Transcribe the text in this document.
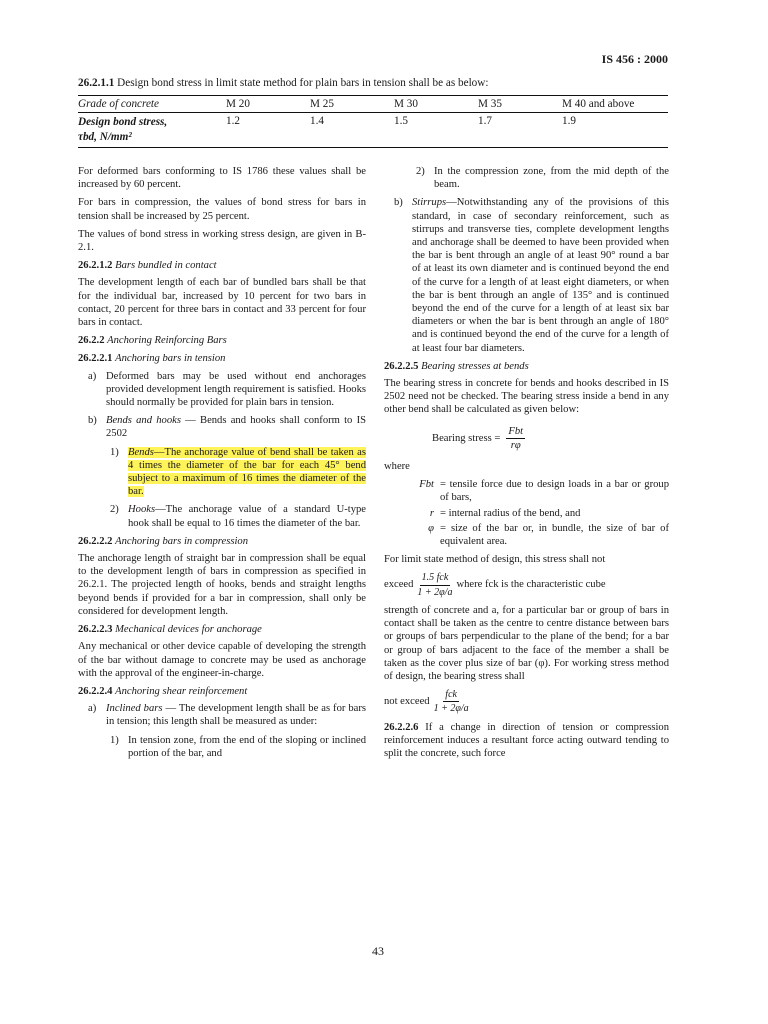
IS 456 : 2000
26.2.1.1 Design bond stress in limit state method for plain bars in tension shall be as below:
Grade of concrete	M 20	M 25	M 30	M 35	M 40 and above
Design bond stress,
τbd, N/mm²
1.2	1.4	1.5	1.7	1.9

For deformed bars conforming to IS 1786 these values shall be increased by 60 percent.

For bars in compression, the values of bond stress for bars in tension shall be increased by 25 percent.

The values of bond stress in working stress design, are given in B-2.1.

26.2.1.2 Bars bundled in contact

The development length of each bar of bundled bars shall be that for the individual bar, increased by 10 percent for two bars in contact, 20 percent for three bars in contact and 33 percent for four bars in contact.

26.2.2 Anchoring Reinforcing Bars
26.2.2.1 Anchoring bars in tension
a) Deformed bars may be used without end anchorages provided development length requirement is satisfied. Hooks should normally be provided for plain bars in tension.
b) Bends and hooks — Bends and hooks shall conform to IS 2502
1) Bends—The anchorage value of bend shall be taken as 4 times the diameter of the bar for each 45° bend subject to a maximum of 16 times the diameter of the bar.
2) Hooks—The anchorage value of a standard U-type hook shall be equal to 16 times the diameter of the bar.
26.2.2.2 Anchoring bars in compression

The anchorage length of straight bar in compression shall be equal to the development length of bars in compression as specified in 26.2.1. The projected length of hooks, bends and straight lengths beyond bends if provided for a bar in compression, shall only be considered for development length.

26.2.2.3 Mechanical devices for anchorage

Any mechanical or other device capable of developing the strength of the bar without damage to concrete may be used as anchorage with the approval of the engineer-in-charge.

26.2.2.4 Anchoring shear reinforcement
a) Inclined bars — The development length shall be as for bars in tension; this length shall be measured as under:
1) In tension zone, from the end of the sloping or inclined portion of the bar, and
2) In the compression zone, from the mid depth of the beam.
b) Stirrups—Notwithstanding any of the provisions of this standard, in case of secondary reinforcement, such as stirrups and transverse ties, complete development lengths and anchorage shall be deemed to have been provided when the bar is bent through an angle of at least 90° round a bar of at least its own diameter and is continued beyond the end of the curve for a length of at least eight diameters, or when the bar is bent through an angle of 135° and is continued beyond the end of the curve for a length of at least six bar diameters or when the bar is bent through an angle of 180° and is continued beyond the end of the curve for a length of at least four bar diameters.
26.2.2.5 Bearing stresses at bends

The bearing stress in concrete for bends and hooks described in IS 2502 need not be checked. The bearing stress inside a bend in any other bend shall be calculated as given below:

Bearing stress =
Fbt
rφ

where

Fbt = tensile force due to design loads in a bar or group of bars,
r = internal radius of the bend, and
φ = size of the bar or, in bundle, the size of bar of equivalent area.

For limit state method of design, this stress shall not

exceed
1.5 fck
1 + 2φ/a
where fck is the characteristic cube

strength of concrete and a, for a particular bar or group of bars in contact shall be taken as the centre to centre distance between bars or groups of bars perpendicular to the plane of the bend; for a bar or group of bars adjacent to the face of the member a shall be taken as the cover plus size of bar (φ). For working stress method of design, the bearing stress shall

not exceed
fck
1 + 2φ/a

26.2.2.6 If a change in direction of tension or compression reinforcement induces a resultant force acting outward tending to split the concrete, such force

43
